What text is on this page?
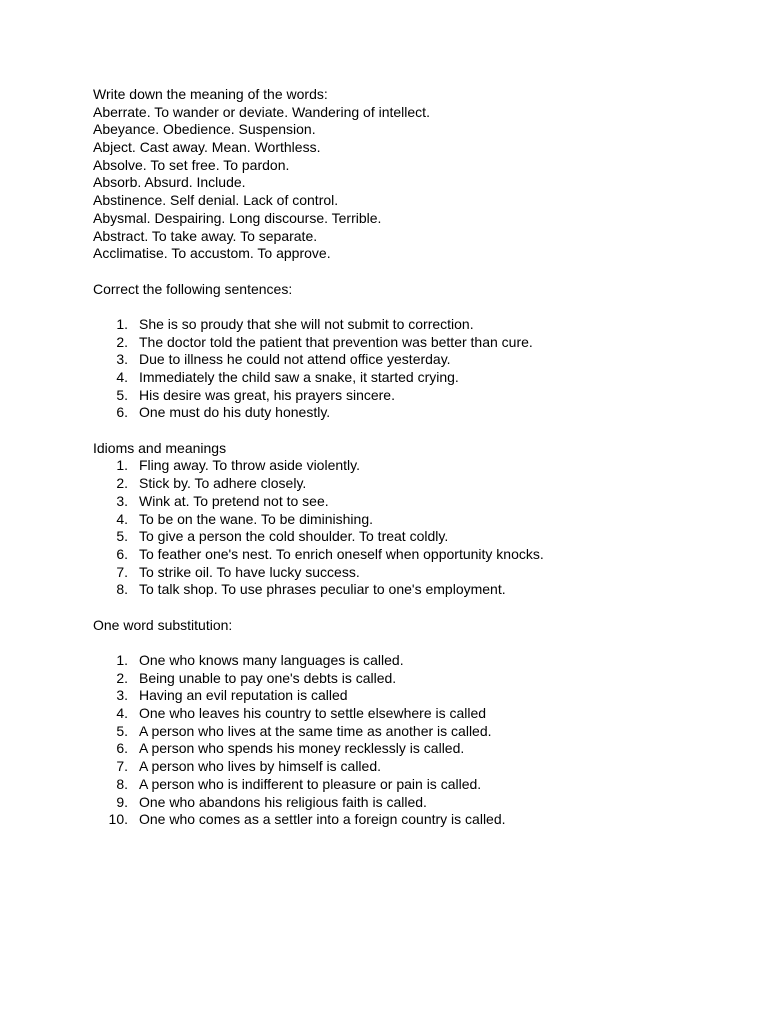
Write down the meaning of the words:
Aberrate. To wander or deviate. Wandering of intellect.
Abeyance. Obedience. Suspension.
Abject. Cast away. Mean. Worthless.
Absolve. To set free. To pardon.
Absorb. Absurd. Include.
Abstinence. Self denial. Lack of control.
Abysmal. Despairing. Long discourse. Terrible.
Abstract. To take away. To separate.
Acclimatise. To accustom. To approve.
Correct the following sentences:
1. She is so proudy that she will not submit to correction.
2. The doctor told the patient that prevention was better than cure.
3. Due to illness he could not attend office yesterday.
4. Immediately the child saw a snake, it started crying.
5. His desire was great, his prayers sincere.
6. One must do his duty honestly.
Idioms and meanings
1. Fling away. To throw aside violently.
2. Stick by. To adhere closely.
3. Wink at. To pretend not to see.
4. To be on the wane. To be diminishing.
5. To give a person the cold shoulder. To treat coldly.
6. To feather one's nest. To enrich oneself when opportunity knocks.
7. To strike oil. To have lucky success.
8. To talk shop. To use phrases peculiar to one's employment.
One word substitution:
1. One who knows many languages is called.
2. Being unable to pay one's debts is called.
3. Having an evil reputation is called
4. One who leaves his country to settle elsewhere is called
5. A person who lives at the same time as another is called.
6. A person who spends his money recklessly is called.
7. A person who lives by himself is called.
8. A person who is indifferent to pleasure or pain is called.
9. One who abandons his religious faith is called.
10. One who comes as a settler into a foreign country is called.
